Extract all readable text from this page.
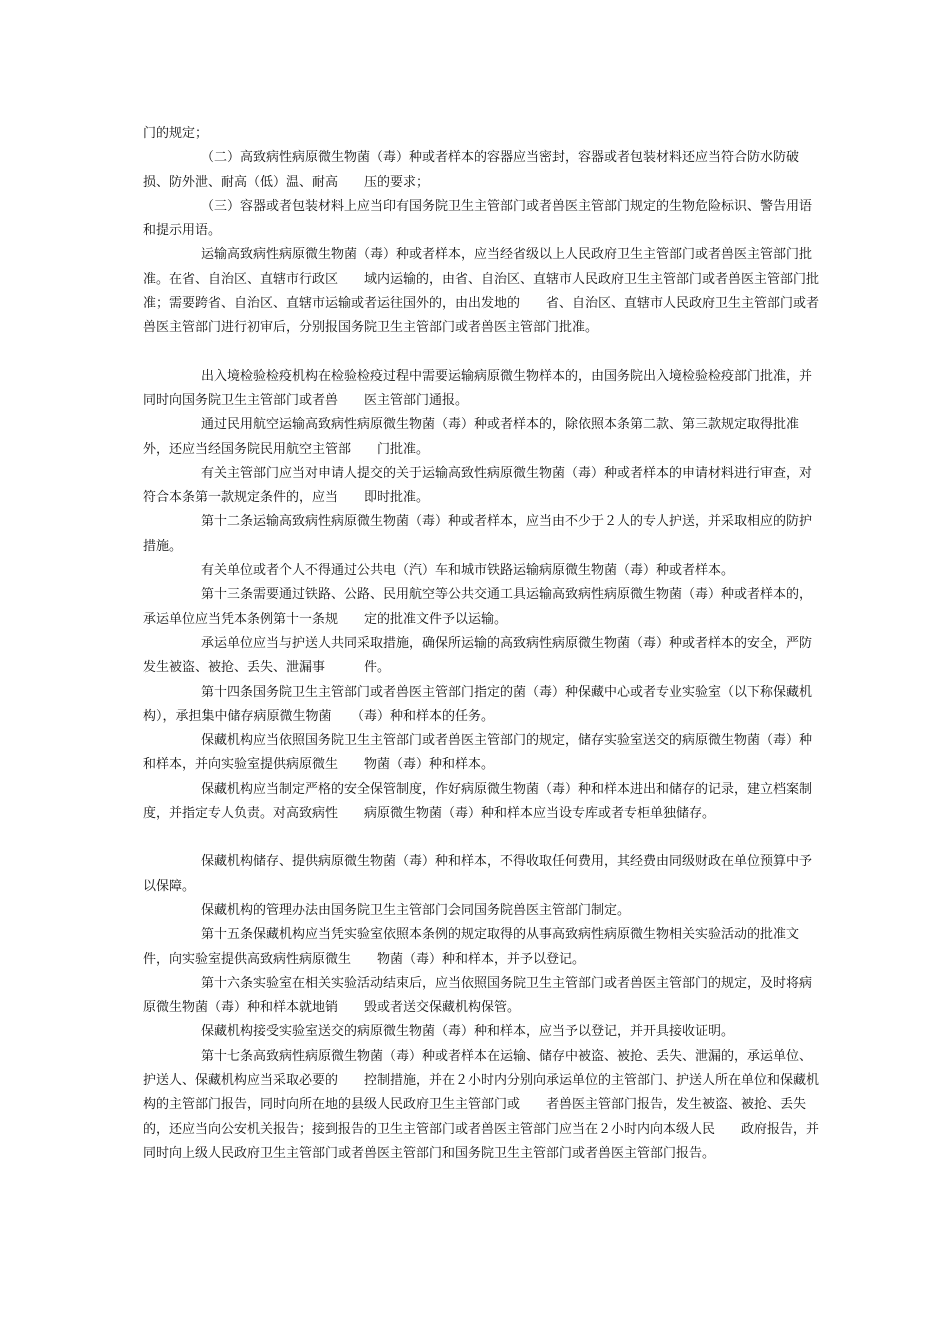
门的规定；

（二）高致病性病原微生物菌（毒）种或者样本的容器应当密封，容器或者包装材料还应当符合防水防破损、防外泄、耐高（低）温、耐高　　压的要求；

（三）容器或者包装材料上应当印有国务院卫生主管部门或者兽医主管部门规定的生物危险标识、警告用语和提示用语。

运输高致病性病原微生物菌（毒）种或者样本，应当经省级以上人民政府卫生主管部门或者兽医主管部门批准。在省、自治区、直辖市行政区　　域内运输的，由省、自治区、直辖市人民政府卫生主管部门或者兽医主管部门批准；需要跨省、自治区、直辖市运输或者运往国外的，由出发地的　　省、自治区、直辖市人民政府卫生主管部门或者兽医主管部门进行初审后，分别报国务院卫生主管部门或者兽医主管部门批准。

出入境检验检疫机构在检验检疫过程中需要运输病原微生物样本的，由国务院出入境检验检疫部门批准，并同时向国务院卫生主管部门或者兽　　医主管部门通报。

通过民用航空运输高致病性病原微生物菌（毒）种或者样本的，除依照本条第二款、第三款规定取得批准外，还应当经国务院民用航空主管部　　门批准。

有关主管部门应当对申请人提交的关于运输高致性病原微生物菌（毒）种或者样本的申请材料进行审查，对符合本条第一款规定条件的，应当　　即时批准。

第十二条运输高致病性病原微生物菌（毒）种或者样本，应当由不少于２人的专人护送，并采取相应的防护措施。

有关单位或者个人不得通过公共电（汽）车和城市铁路运输病原微生物菌（毒）种或者样本。

第十三条需要通过铁路、公路、民用航空等公共交通工具运输高致病性病原微生物菌（毒）种或者样本的，承运单位应当凭本条例第十一条规　　定的批准文件予以运输。

承运单位应当与护送人共同采取措施，确保所运输的高致病性病原微生物菌（毒）种或者样本的安全，严防发生被盗、被抢、丢失、泄漏事　　　件。

第十四条国务院卫生主管部门或者兽医主管部门指定的菌（毒）种保藏中心或者专业实验室（以下称保藏机构），承担集中储存病原微生物菌　　（毒）种和样本的任务。

保藏机构应当依照国务院卫生主管部门或者兽医主管部门的规定，储存实验室送交的病原微生物菌（毒）种和样本，并向实验室提供病原微生　　物菌（毒）种和样本。

保藏机构应当制定严格的安全保管制度，作好病原微生物菌（毒）种和样本进出和储存的记录，建立档案制度，并指定专人负责。对高致病性　　病原微生物菌（毒）种和样本应当设专库或者专柜单独储存。

保藏机构储存、提供病原微生物菌（毒）种和样本，不得收取任何费用，其经费由同级财政在单位预算中予以保障。

保藏机构的管理办法由国务院卫生主管部门会同国务院兽医主管部门制定。

第十五条保藏机构应当凭实验室依照本条例的规定取得的从事高致病性病原微生物相关实验活动的批准文件，向实验室提供高致病性病原微生　　物菌（毒）种和样本，并予以登记。

第十六条实验室在相关实验活动结束后，应当依照国务院卫生主管部门或者兽医主管部门的规定，及时将病原微生物菌（毒）种和样本就地销　　毁或者送交保藏机构保管。

保藏机构接受实验室送交的病原微生物菌（毒）种和样本，应当予以登记，并开具接收证明。

第十七条高致病性病原微生物菌（毒）种或者样本在运输、储存中被盗、被抢、丢失、泄漏的，承运单位、护送人、保藏机构应当采取必要的　　控制措施，并在２小时内分别向承运单位的主管部门、护送人所在单位和保藏机构的主管部门报告，同时向所在地的县级人民政府卫生主管部门或　　者兽医主管部门报告，发生被盗、被抢、丢失的，还应当向公安机关报告；接到报告的卫生主管部门或者兽医主管部门应当在２小时内向本级人民　　政府报告，并同时向上级人民政府卫生主管部门或者兽医主管部门和国务院卫生主管部门或者兽医主管部门报告。
